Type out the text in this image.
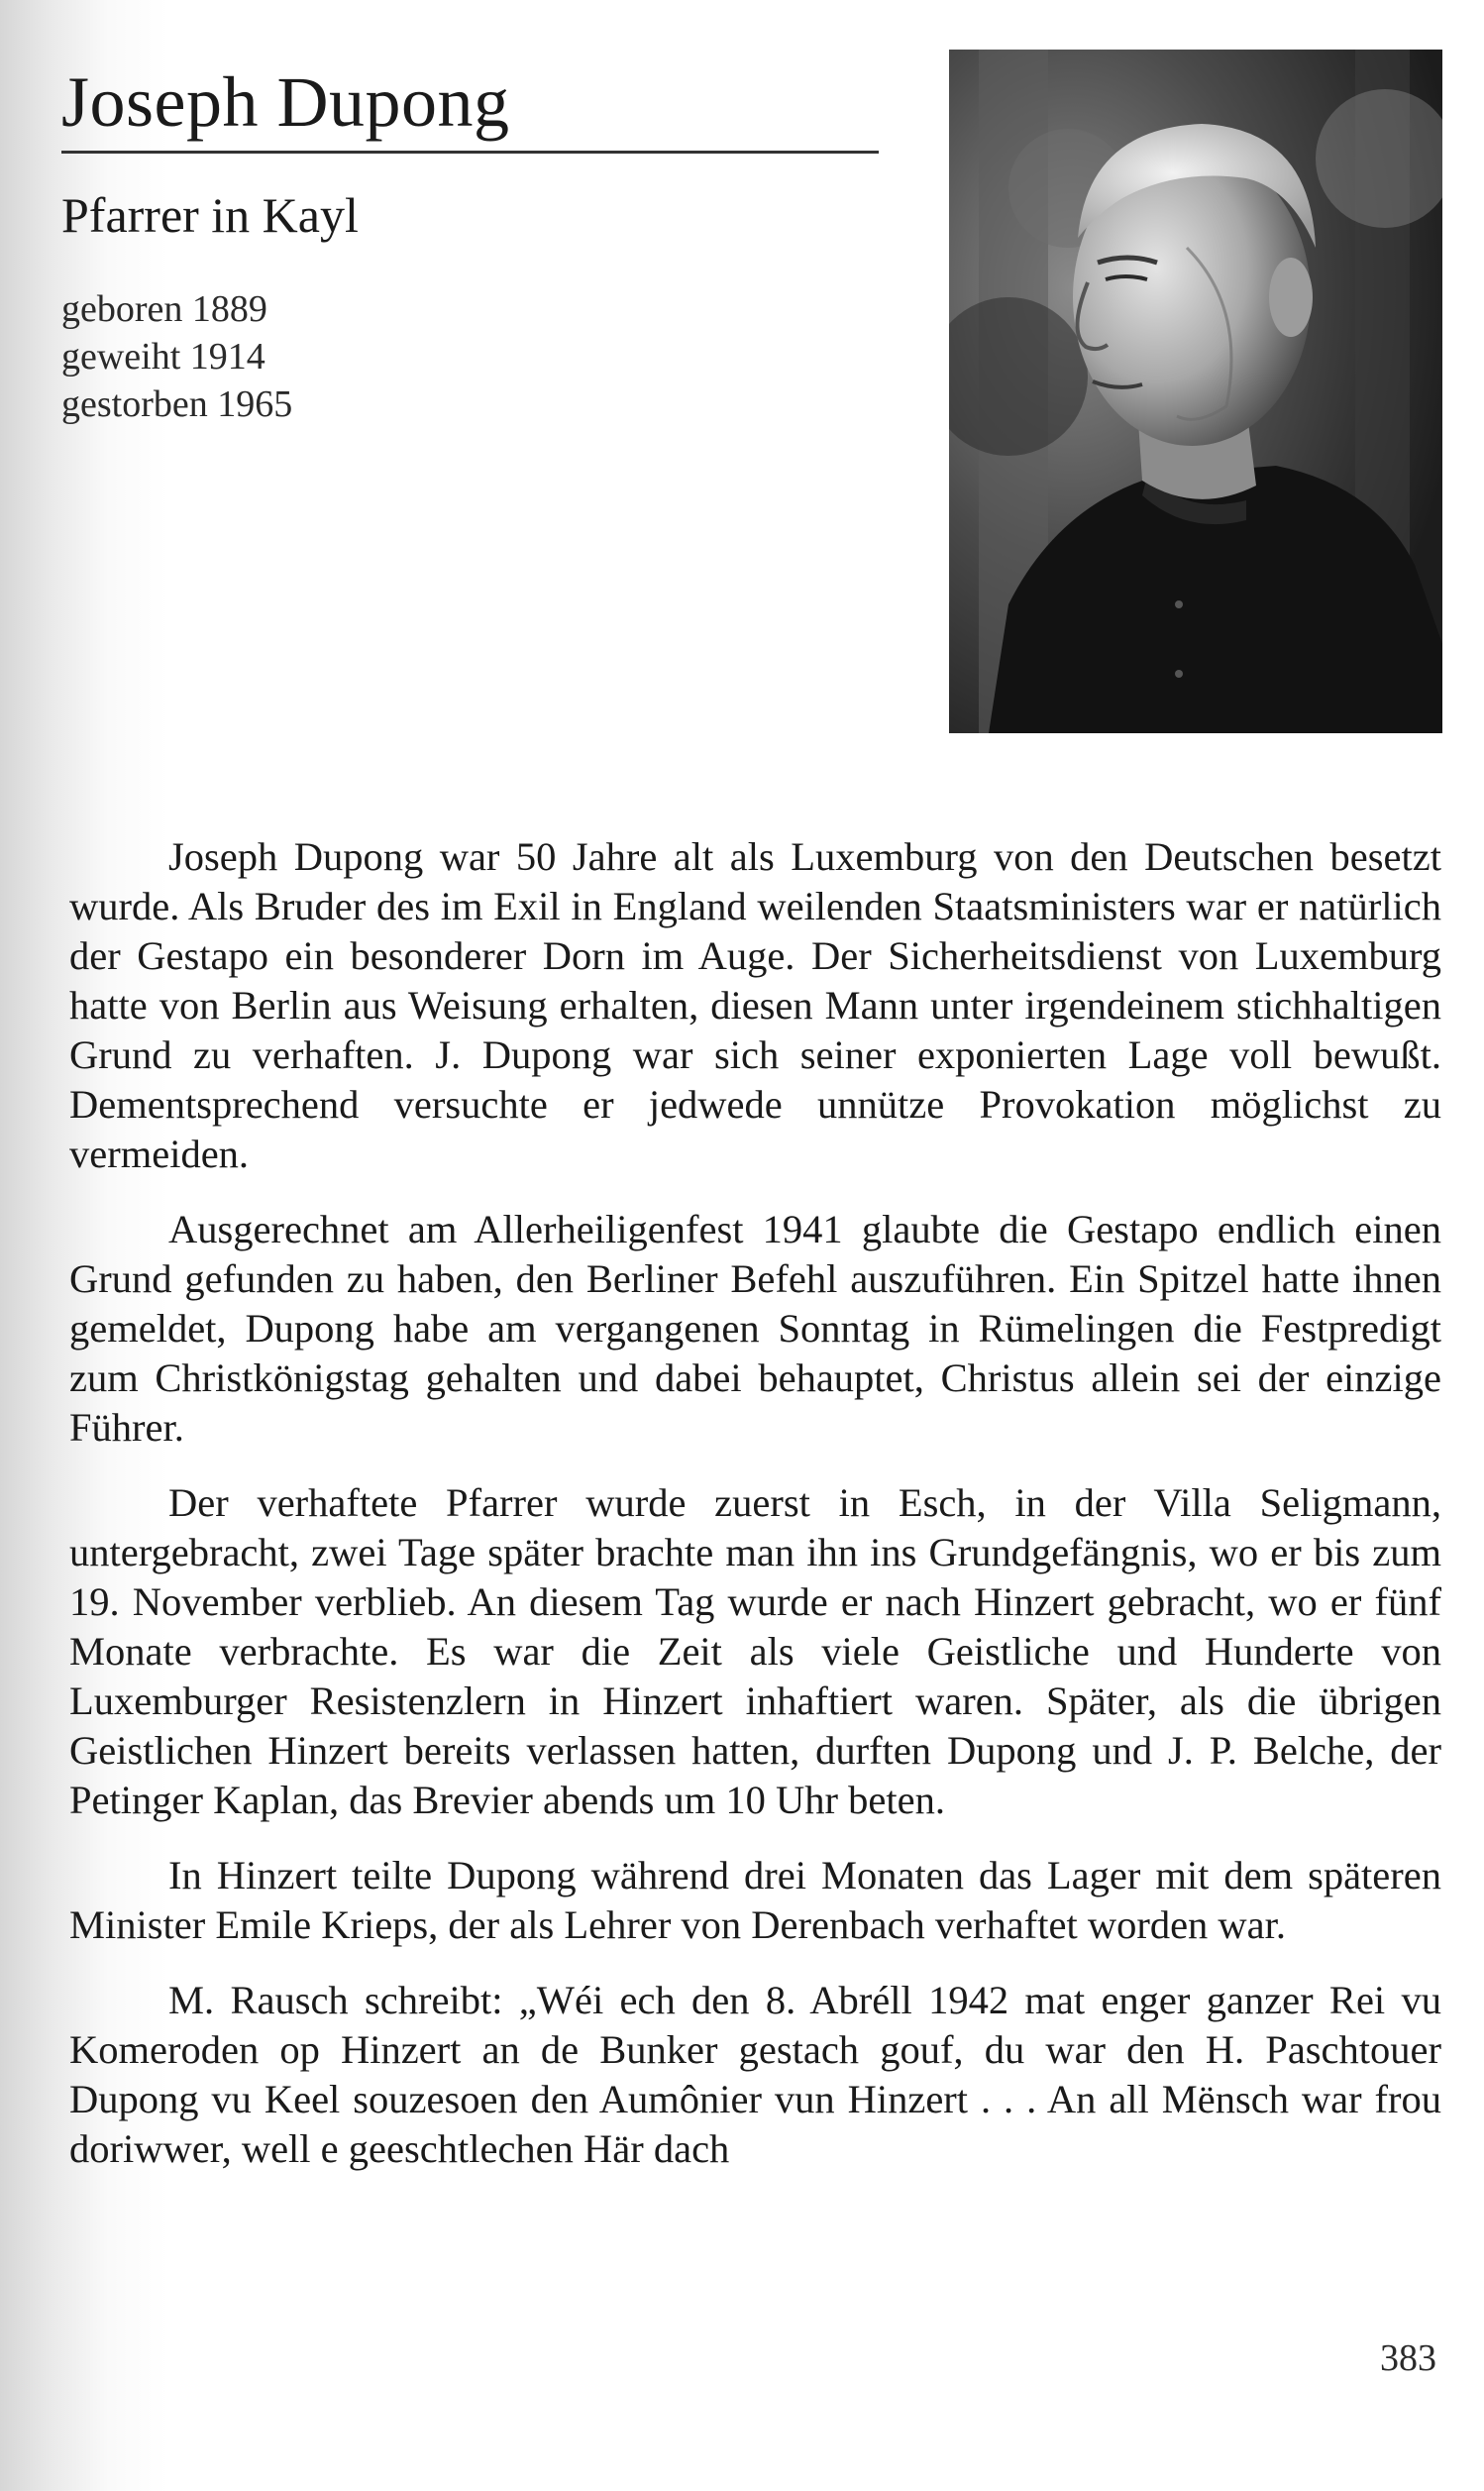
Joseph Dupong
Pfarrer in Kayl
geboren 1889
geweiht 1914
gestorben 1965

Joseph Dupong war 50 Jahre alt als Luxemburg von den Deutschen besetzt wurde. Als Bruder des im Exil in England weilenden Staatsministers war er natürlich der Gestapo ein besonderer Dorn im Auge. Der Sicherheitsdienst von Luxemburg hatte von Berlin aus Weisung erhalten, diesen Mann unter irgendeinem stichhaltigen Grund zu verhaften. J. Dupong war sich seiner exponierten Lage voll bewußt. Dementsprechend versuchte er jedwede unnütze Provokation möglichst zu vermeiden.

Ausgerechnet am Allerheiligenfest 1941 glaubte die Gestapo endlich einen Grund gefunden zu haben, den Berliner Befehl auszuführen. Ein Spitzel hatte ihnen gemeldet, Dupong habe am vergangenen Sonntag in Rümelingen die Festpredigt zum Christkönigstag gehalten und dabei behauptet, Christus allein sei der einzige Führer.

Der verhaftete Pfarrer wurde zuerst in Esch, in der Villa Seligmann, untergebracht, zwei Tage später brachte man ihn ins Grundgefängnis, wo er bis zum 19. November verblieb. An diesem Tag wurde er nach Hinzert gebracht, wo er fünf Monate verbrachte. Es war die Zeit als viele Geistliche und Hunderte von Luxemburger Resistenzlern in Hinzert inhaftiert waren. Später, als die übrigen Geistlichen Hinzert bereits verlassen hatten, durften Dupong und J. P. Belche, der Petinger Kaplan, das Brevier abends um 10 Uhr beten.

In Hinzert teilte Dupong während drei Monaten das Lager mit dem späteren Minister Emile Krieps, der als Lehrer von Derenbach verhaftet worden war.

M. Rausch schreibt: „Wéi ech den 8. Abréll 1942 mat enger ganzer Rei vu Komeroden op Hinzert an de Bunker gestach gouf, du war den H. Paschtouer Dupong vu Keel souzesoen den Aumônier vun Hinzert . . . An all Mënsch war frou doriwwer, well e geeschtlechen Här dach

383
